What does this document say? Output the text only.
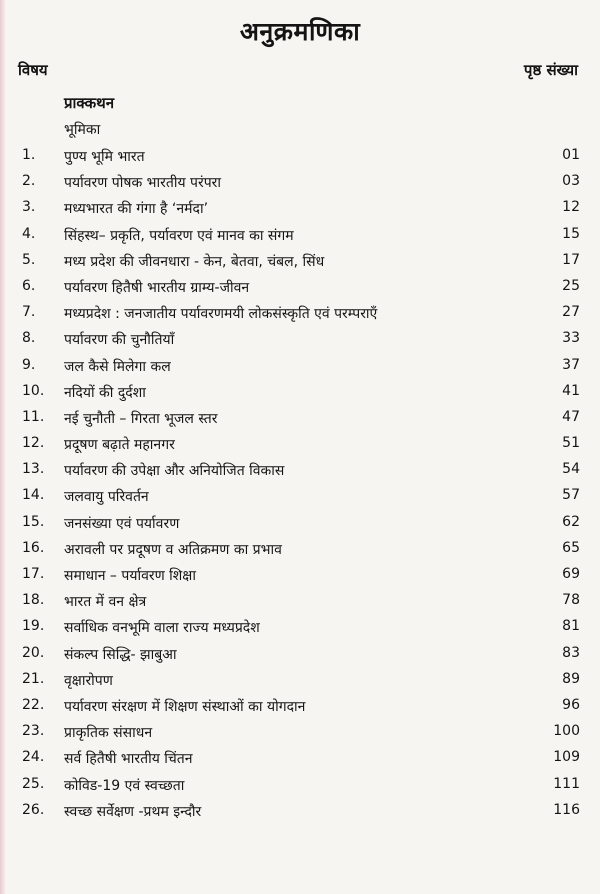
अनुक्रमणिका
विषय	पृष्ठ संख्या
प्राक्कथन
भूमिका
1.	पुण्य भूमि भारत	01
2.	पर्यावरण पोषक भारतीय परंपरा	03
3.	मध्यभारत की गंगा है ‘नर्मदा’	12
4.	सिंहस्थ– प्रकृति, पर्यावरण एवं मानव का संगम	15
5.	मध्य प्रदेश की जीवनधारा - केन, बेतवा, चंबल, सिंध	17
6.	पर्यावरण हितैषी भारतीय ग्राम्य-जीवन	25
7.	मध्यप्रदेश : जनजातीय पर्यावरणमयी लोकसंस्कृति एवं परम्पराएँ	27
8.	पर्यावरण की चुनौतियाँ	33
9.	जल कैसे मिलेगा कल	37
10.	नदियों की दुर्दशा	41
11.	नई चुनौती – गिरता भूजल स्तर	47
12.	प्रदूषण बढ़ाते महानगर	51
13.	पर्यावरण की उपेक्षा और अनियोजित विकास	54
14.	जलवायु परिवर्तन	57
15.	जनसंख्या एवं पर्यावरण	62
16.	अरावली पर प्रदूषण व अतिक्रमण का प्रभाव	65
17.	समाधान – पर्यावरण शिक्षा	69
18.	भारत में वन क्षेत्र	78
19.	सर्वाधिक वनभूमि वाला राज्य मध्यप्रदेश	81
20.	संकल्प सिद्धि- झाबुआ	83
21.	वृक्षारोपण	89
22.	पर्यावरण संरक्षण में शिक्षण संस्थाओं का योगदान	96
23.	प्राकृतिक संसाधन	100
24.	सर्व हितैषी भारतीय चिंतन	109
25.	कोविड-19 एवं स्वच्छता	111
26.	स्वच्छ सर्वेक्षण -प्रथम इन्दौर	116
